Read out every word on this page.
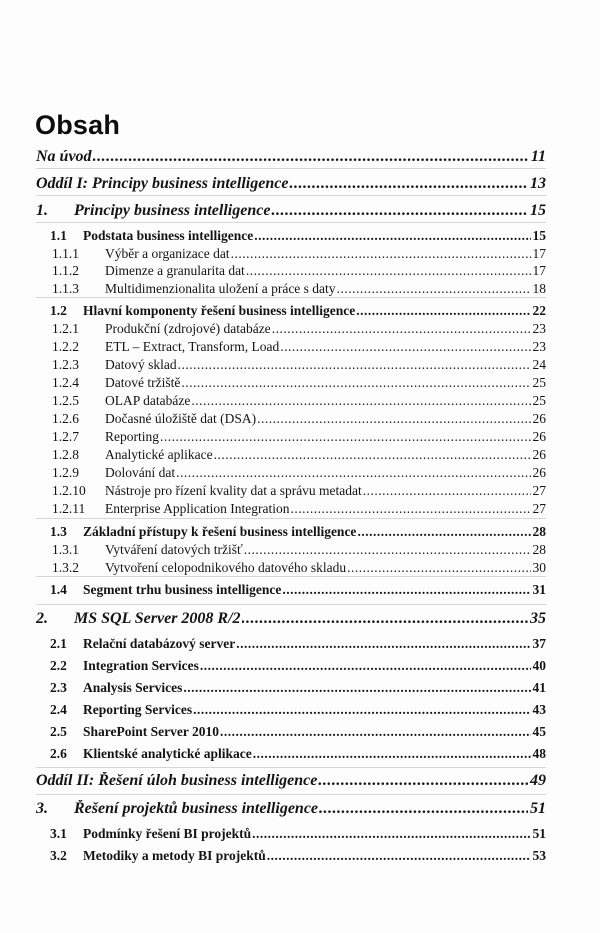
Obsah
Na úvod .....	11
Oddíl I: Principy business intelligence .....	13
1.	Principy business intelligence .....	15
1.1	Podstata business intelligence .....	15
1.1.1	Výběr a organizace dat .....	17
1.1.2	Dimenze a granularita dat .....	17
1.1.3	Multidimenzionalita uložení a práce s daty .....	18
1.2	Hlavní komponenty řešení business intelligence .....	22
1.2.1	Produkční (zdrojové) databáze .....	23
1.2.2	ETL – Extract, Transform, Load .....	23
1.2.3	Datový sklad .....	24
1.2.4	Datové tržiště .....	25
1.2.5	OLAP databáze .....	25
1.2.6	Dočasné úložiště dat (DSA) .....	26
1.2.7	Reporting .....	26
1.2.8	Analytické aplikace .....	26
1.2.9	Dolování dat .....	26
1.2.10	Nástroje pro řízení kvality dat a správu metadat .....	27
1.2.11	Enterprise Application Integration .....	27
1.3	Základní přístupy k řešení business intelligence .....	28
1.3.1	Vytváření datových tržišť .....	28
1.3.2	Vytvoření celopodnikového datového skladu .....	30
1.4	Segment trhu business intelligence .....	31
2.	MS SQL Server 2008 R/2 .....	35
2.1	Relační databázový server .....	37
2.2	Integration Services .....	40
2.3	Analysis Services .....	41
2.4	Reporting Services .....	43
2.5	SharePoint Server 2010 .....	45
2.6	Klientské analytické aplikace .....	48
Oddíl II: Řešení úloh business intelligence .....	49
3.	Řešení projektů business intelligence .....	51
3.1	Podmínky řešení BI projektů .....	51
3.2	Metodiky a metody BI projektů .....	53
